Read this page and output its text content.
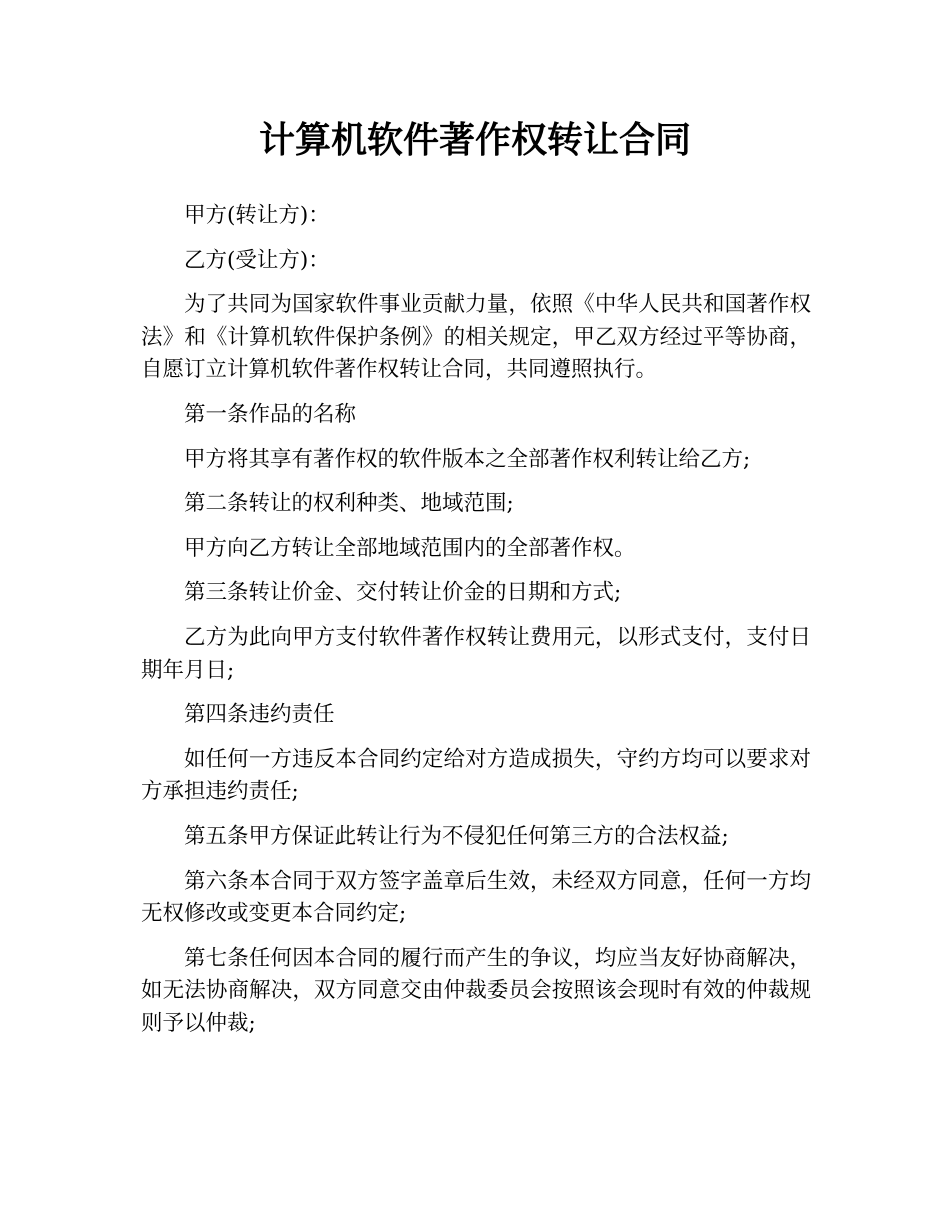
计算机软件著作权转让合同

甲方(转让方)：

乙方(受让方)：

为了共同为国家软件事业贡献力量，依照《中华人民共和国著作权法》和《计算机软件保护条例》的相关规定，甲乙双方经过平等协商，自愿订立计算机软件著作权转让合同，共同遵照执行。

第一条作品的名称

甲方将其享有著作权的软件版本之全部著作权利转让给乙方;

第二条转让的权利种类、地域范围;

甲方向乙方转让全部地域范围内的全部著作权。

第三条转让价金、交付转让价金的日期和方式;

乙方为此向甲方支付软件著作权转让费用元，以形式支付，支付日期年月日;

第四条违约责任

如任何一方违反本合同约定给对方造成损失，守约方均可以要求对方承担违约责任;

第五条甲方保证此转让行为不侵犯任何第三方的合法权益;

第六条本合同于双方签字盖章后生效，未经双方同意，任何一方均无权修改或变更本合同约定;

第七条任何因本合同的履行而产生的争议，均应当友好协商解决，如无法协商解决，双方同意交由仲裁委员会按照该会现时有效的仲裁规则予以仲裁;
